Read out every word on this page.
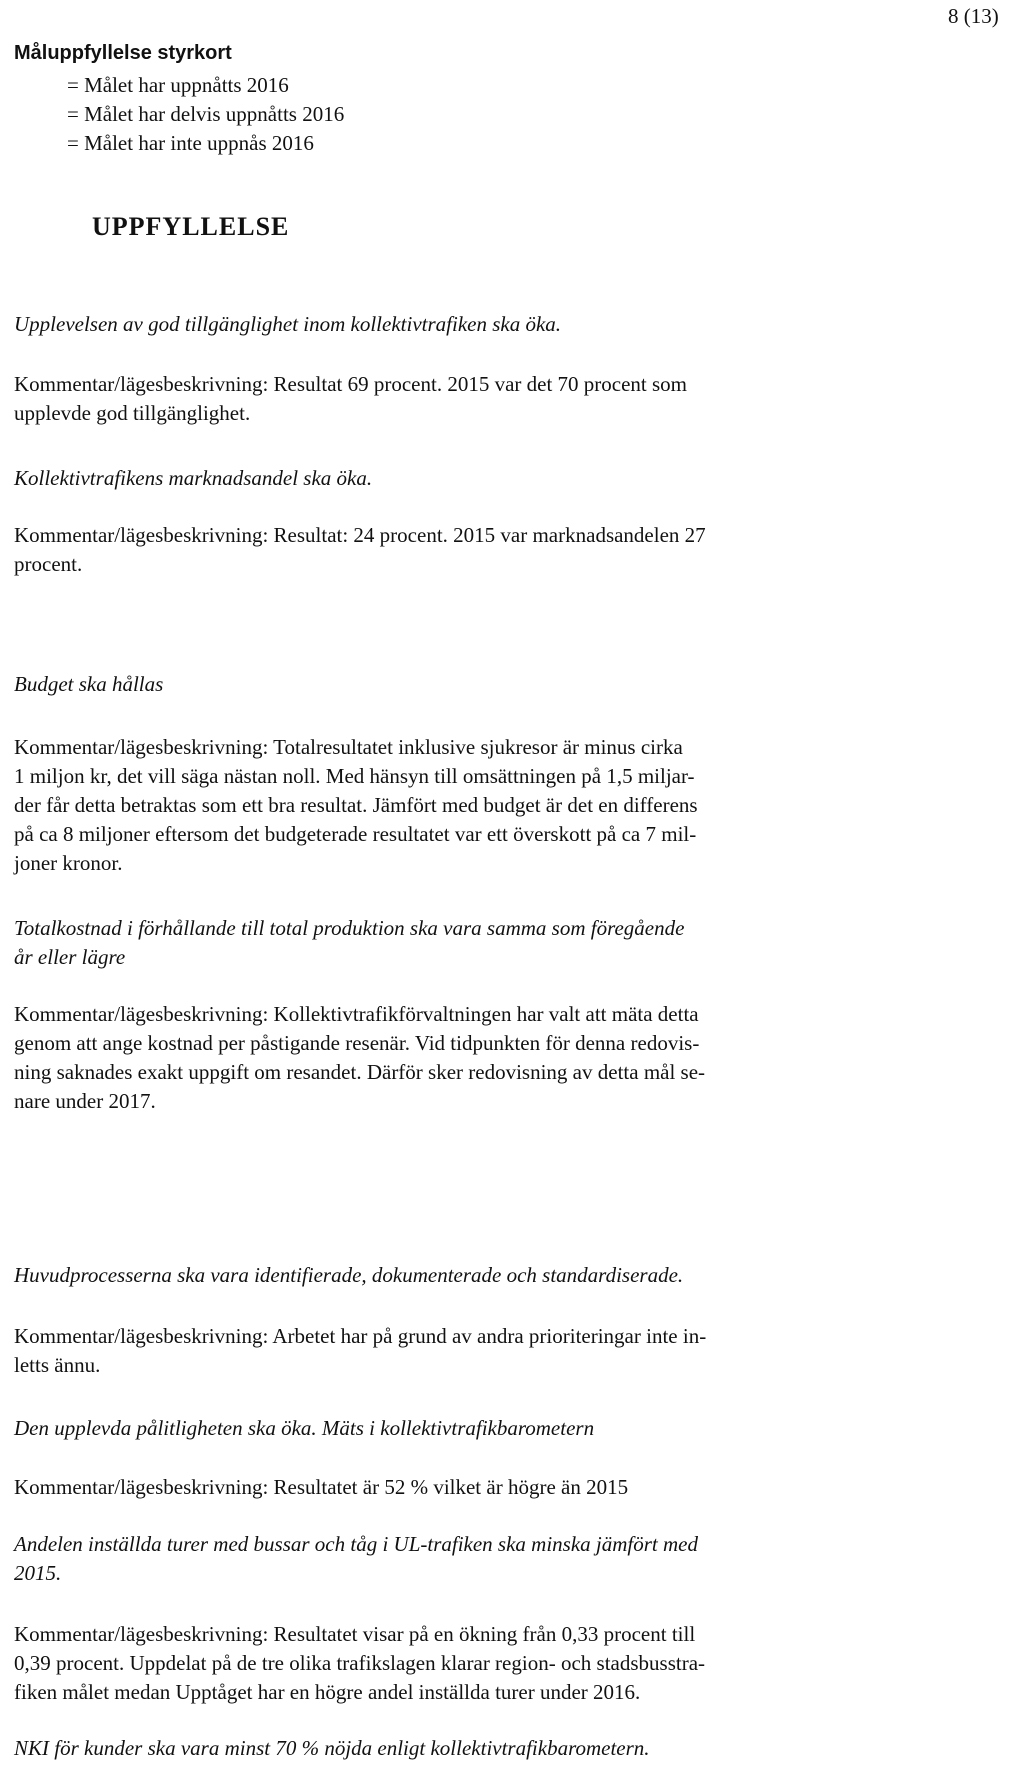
8 (13)
Måluppfyllelse styrkort
= Målet har uppnåtts 2016
= Målet har delvis uppnåtts 2016
= Målet har inte uppnås 2016
UPPFYLLELSE
Upplevelsen av god tillgänglighet inom kollektivtrafiken ska öka.
Kommentar/lägesbeskrivning: Resultat 69 procent. 2015 var det 70 procent som
upplevde god tillgänglighet.
Kollektivtrafikens marknadsandel ska öka.
Kommentar/lägesbeskrivning: Resultat: 24 procent. 2015 var marknadsandelen 27
procent.
Budget ska hållas
Kommentar/lägesbeskrivning: Totalresultatet inklusive sjukresor är minus cirka
1 miljon kr, det vill säga nästan noll. Med hänsyn till omsättningen på 1,5 miljar-
der får detta betraktas som ett bra resultat. Jämfört med budget är det en differens
på ca 8 miljoner eftersom det budgeterade resultatet var ett överskott på ca 7 mil-
joner kronor.
Totalkostnad i förhållande till total produktion ska vara samma som föregående
år eller lägre
Kommentar/lägesbeskrivning: Kollektivtrafikförvaltningen har valt att mäta detta
genom att ange kostnad per påstigande resenär. Vid tidpunkten för denna redovis-
ning saknades exakt uppgift om resandet. Därför sker redovisning av detta mål se-
nare under 2017.
Huvudprocesserna ska vara identifierade, dokumenterade och standardiserade.
Kommentar/lägesbeskrivning: Arbetet har på grund av andra prioriteringar inte in-
letts ännu.
Den upplevda pålitligheten ska öka. Mäts i kollektivtrafikbarometern
Kommentar/lägesbeskrivning: Resultatet är 52 % vilket är högre än 2015
Andelen inställda turer med bussar och tåg i UL-trafiken ska minska jämfört med
2015.
Kommentar/lägesbeskrivning: Resultatet visar på en ökning från 0,33 procent till
0,39 procent. Uppdelat på de tre olika trafikslagen klarar region- och stadsbusstra-
fiken målet medan Upptåget har en högre andel inställda turer under 2016.
NKI för kunder ska vara minst 70 % nöjda enligt kollektivtrafikbarometern.
